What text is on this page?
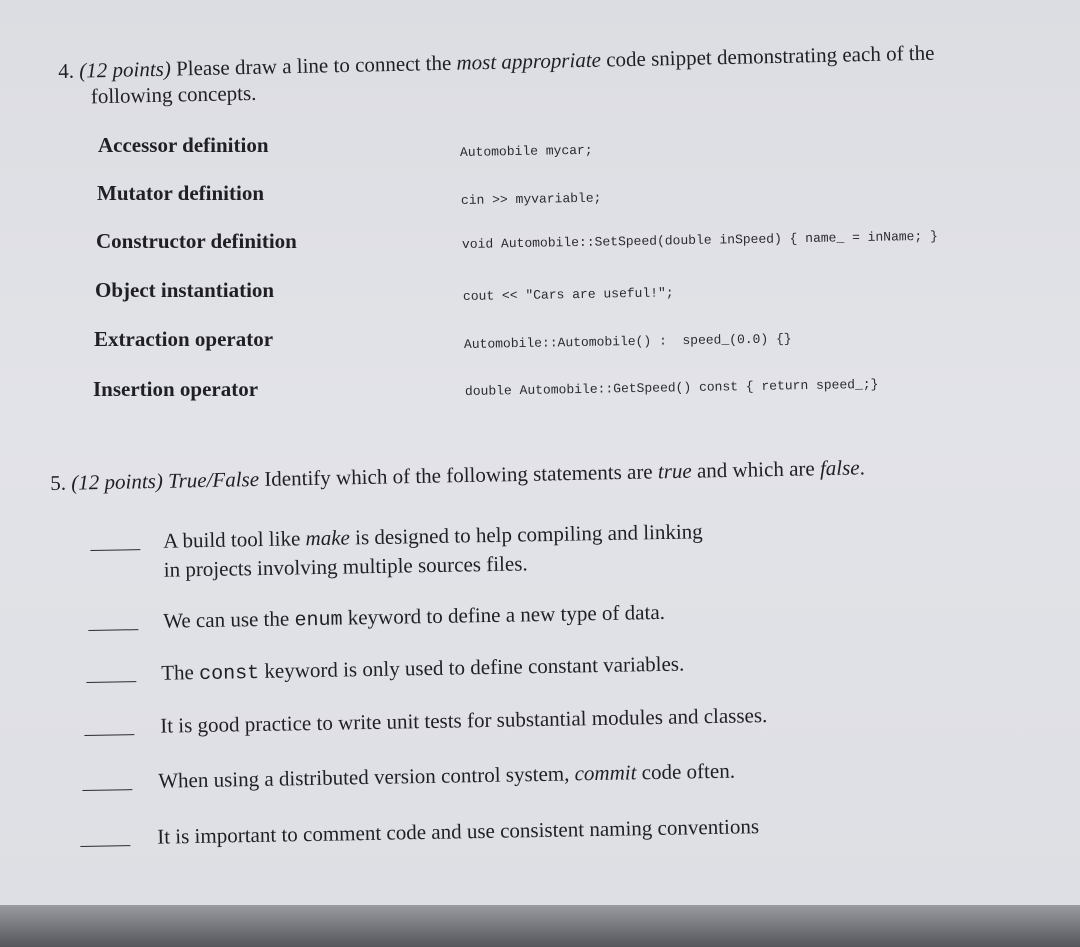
4. (12 points) Please draw a line to connect the most appropriate code snippet demonstrating each of the
following concepts.
Accessor definition
Mutator definition
Constructor definition
Object instantiation
Extraction operator
Insertion operator
Automobile mycar;
cin >> myvariable;
void Automobile::SetSpeed(double inSpeed) { name_ = inName; }
cout << "Cars are useful!";
Automobile::Automobile() :  speed_(0.0) {}
double Automobile::GetSpeed() const { return speed_;}
5. (12 points) True/False Identify which of the following statements are true and which are false.
A build tool like make is designed to help compiling and linking
in projects involving multiple sources files.
We can use the enum keyword to define a new type of data.
The const keyword is only used to define constant variables.
It is good practice to write unit tests for substantial modules and classes.
When using a distributed version control system, commit code often.
It is important to comment code and use consistent naming conventions
